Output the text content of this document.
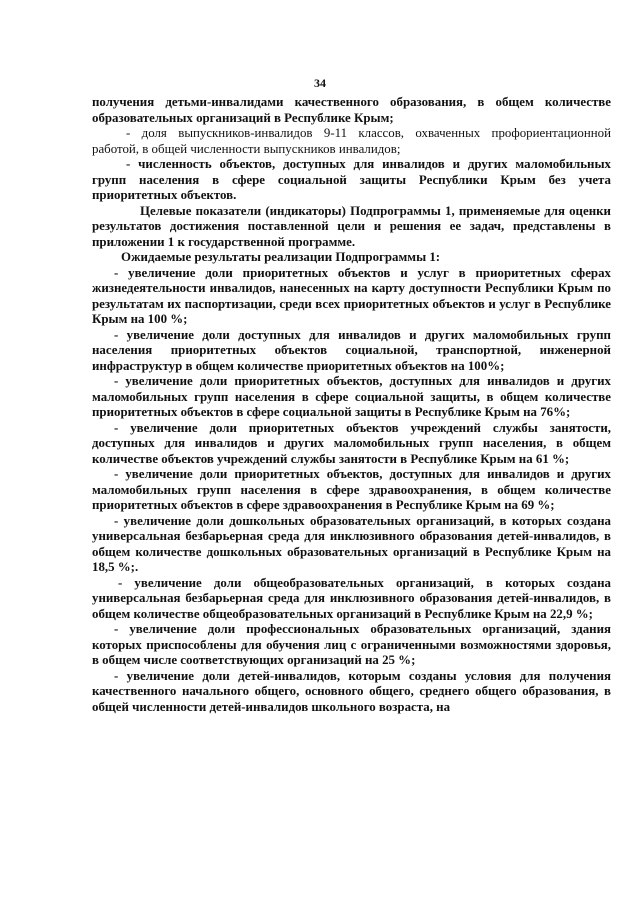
34

получения детьми-инвалидами качественного образования, в общем количестве образовательных организаций в Республике Крым;

- доля выпускников-инвалидов 9-11 классов, охваченных профориентационной работой, в общей численности выпускников инвалидов;

- численность объектов, доступных для инвалидов и других маломобильных групп населения в сфере социальной защиты Республики Крым без учета приоритетных объектов.

Целевые показатели (индикаторы) Подпрограммы 1, применяемые для оценки результатов достижения поставленной цели и решения ее задач, представлены в приложении 1 к государственной программе.

Ожидаемые результаты реализации Подпрограммы 1:

- увеличение доли приоритетных объектов и услуг в приоритетных сферах жизнедеятельности инвалидов, нанесенных на карту доступности Республики Крым по результатам их паспортизации, среди всех приоритетных объектов и услуг в Республике Крым на 100 %;

- увеличение доли доступных для инвалидов и других маломобильных групп населения приоритетных объектов социальной, транспортной, инженерной инфраструктур в общем количестве приоритетных объектов на 100%;

- увеличение доли приоритетных объектов, доступных для инвалидов и других маломобильных групп населения в сфере социальной защиты, в общем количестве приоритетных объектов в сфере социальной защиты в Республике Крым на 76%;

- увеличение доли приоритетных объектов учреждений службы занятости, доступных для инвалидов и других маломобильных групп населения, в общем количестве объектов учреждений службы занятости в Республике Крым на 61 %;

- увеличение доли приоритетных объектов, доступных для инвалидов и других маломобильных групп населения в сфере здравоохранения, в общем количестве приоритетных объектов в сфере здравоохранения в Республике Крым на 69 %;

- увеличение доли дошкольных образовательных организаций, в которых создана универсальная безбарьерная среда для инклюзивного образования детей-инвалидов, в общем количестве дошкольных образовательных организаций в Республике Крым на 18,5 %;.

- увеличение доли общеобразовательных организаций, в которых создана универсальная безбарьерная среда для инклюзивного образования детей-инвалидов, в общем количестве общеобразовательных организаций в Республике Крым на 22,9 %;

- увеличение доли профессиональных образовательных организаций, здания которых приспособлены для обучения лиц с ограниченными возможностями здоровья, в общем числе соответствующих организаций на 25 %;

- увеличение доли детей-инвалидов, которым созданы условия для получения качественного начального общего, основного общего, среднего общего образования, в общей численности детей-инвалидов школьного возраста, на
